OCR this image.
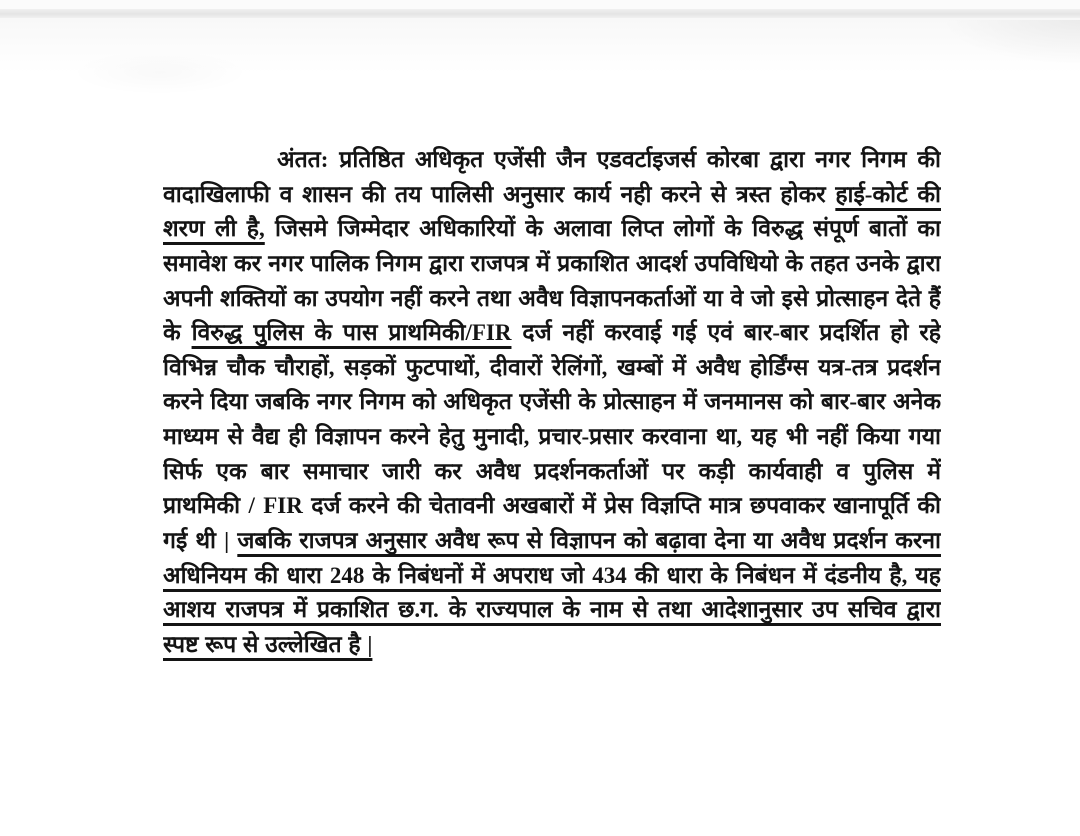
अंतत: प्रतिष्ठित अधिकृत एजेंसी जैन एडवर्टाइजर्स कोरबा द्वारा नगर निगम की
वादाखिलाफी व शासन की तय पालिसी अनुसार कार्य नही करने से त्रस्त होकर हाई-कोर्ट की
शरण ली है, जिसमे जिम्मेदार अधिकारियों के अलावा लिप्त लोगों के विरुद्ध संपूर्ण बातों का
समावेश कर नगर पालिक निगम द्वारा राजपत्र में प्रकाशित आदर्श उपविधियो के तहत उनके द्वारा
अपनी शक्तियों का उपयोग नहीं करने तथा अवैध विज्ञापनकर्ताओं या वे जो इसे प्रोत्साहन देते हैं
के विरुद्ध पुलिस के पास प्राथमिकी/FIR दर्ज नहीं करवाई गई एवं बार-बार प्रदर्शित हो रहे
विभिन्न चौक चौराहों, सड़कों फुटपाथों, दीवारों रेलिंगों, खम्बों में अवैध होर्डिंग्स यत्र-तत्र प्रदर्शन
करने दिया जबकि नगर निगम को अधिकृत एजेंसी के प्रोत्साहन में जनमानस को बार-बार अनेक
माध्यम से वैद्य ही विज्ञापन करने हेतु मुनादी, प्रचार-प्रसार करवाना था, यह भी नहीं किया गया
सिर्फ एक बार समाचार जारी कर अवैध प्रदर्शनकर्ताओं पर कड़ी कार्यवाही व पुलिस में
प्राथमिकी / FIR दर्ज करने की चेतावनी अखबारों में प्रेस विज्ञप्ति मात्र छपवाकर खानापूर्ति की
गई थी | जबकि राजपत्र अनुसार अवैध रूप से विज्ञापन को बढ़ावा देना या अवैध प्रदर्शन करना
अधिनियम की धारा 248 के निबंधनों में अपराध जो 434 की धारा के निबंधन में दंडनीय है, यह
आशय राजपत्र में प्रकाशित छ.ग. के राज्यपाल के नाम से तथा आदेशानुसार उप सचिव द्वारा
स्पष्ट रूप से उल्लेखित है |
